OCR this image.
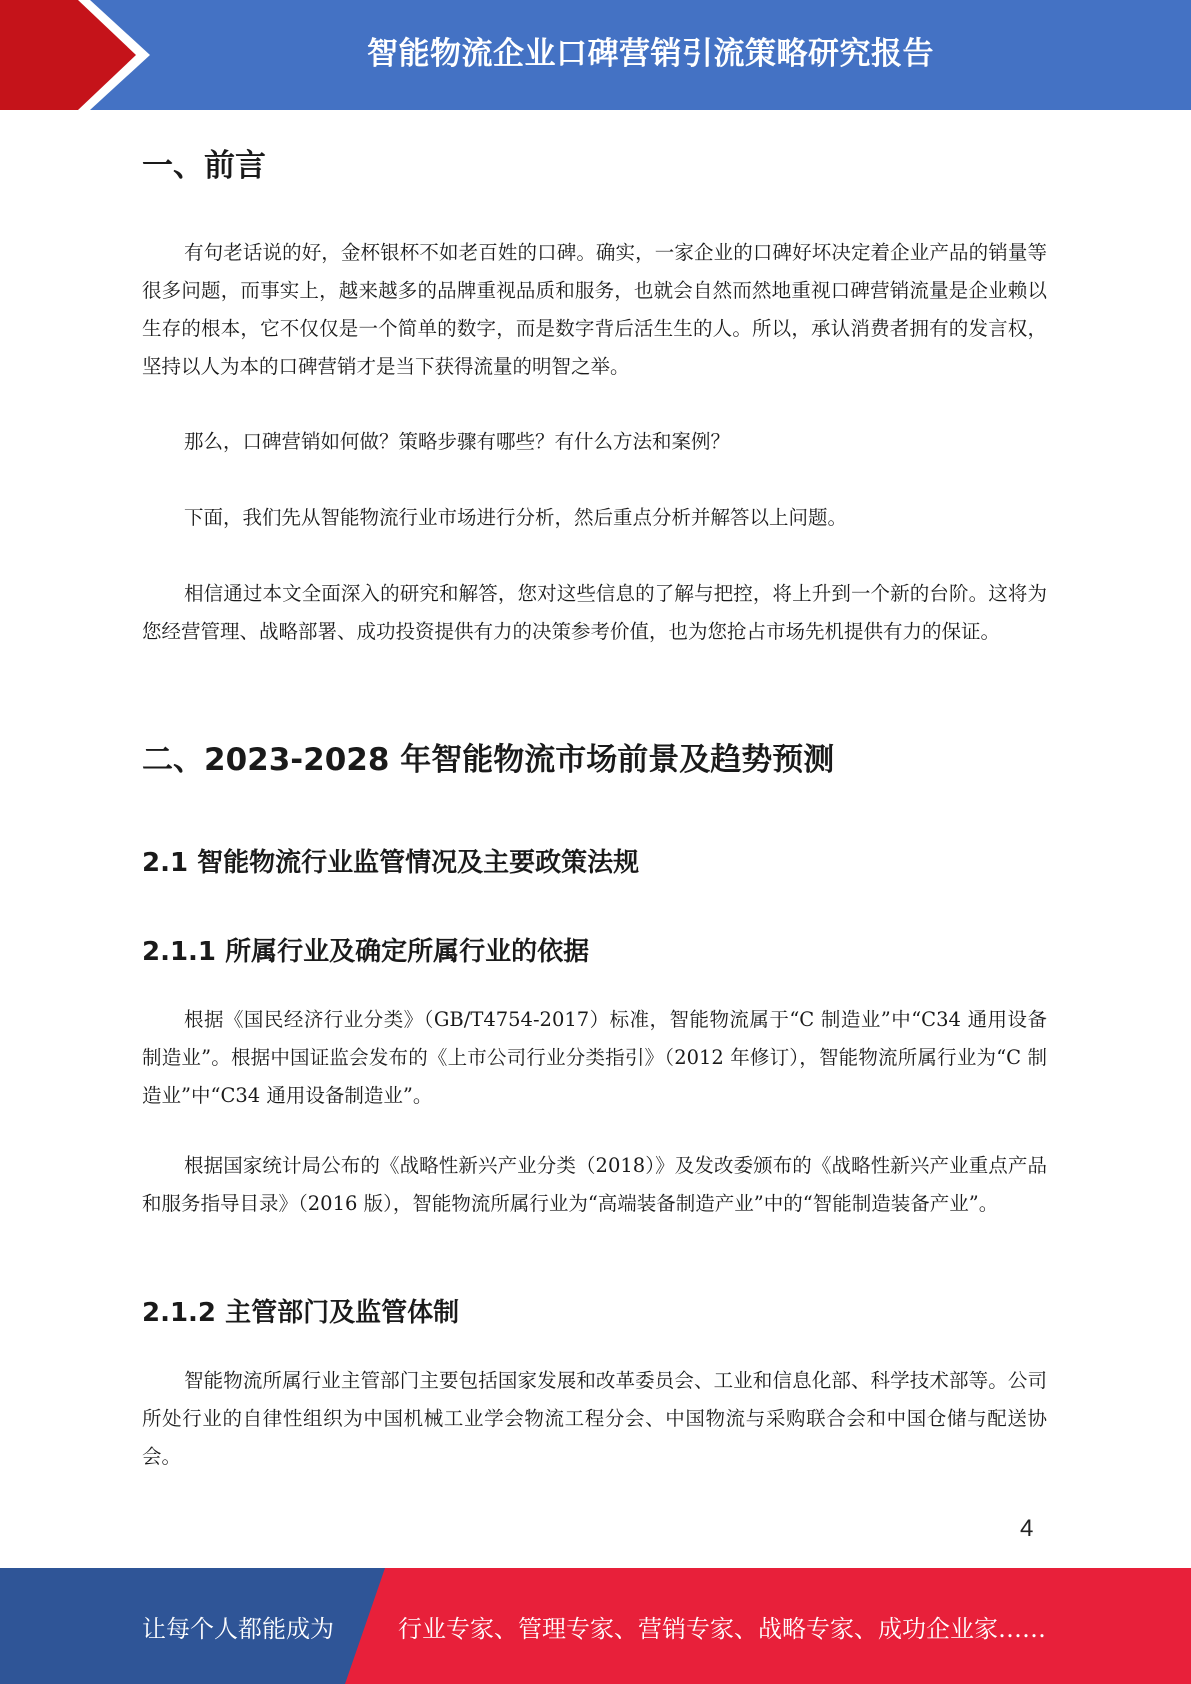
智能物流企业口碑营销引流策略研究报告
一、前言

有句老话说的好，金杯银杯不如老百姓的口碑。确实，一家企业的口碑好坏决定着企业产品的销量等很多问题，而事实上，越来越多的品牌重视品质和服务，也就会自然而然地重视口碑营销流量是企业赖以生存的根本，它不仅仅是一个简单的数字，而是数字背后活生生的人。所以，承认消费者拥有的发言权，坚持以人为本的口碑营销才是当下获得流量的明智之举。

那么，口碑营销如何做？策略步骤有哪些？有什么方法和案例？

下面，我们先从智能物流行业市场进行分析，然后重点分析并解答以上问题。

相信通过本文全面深入的研究和解答，您对这些信息的了解与把控，将上升到一个新的台阶。这将为您经营管理、战略部署、成功投资提供有力的决策参考价值，也为您抢占市场先机提供有力的保证。

二、2023-2028 年智能物流市场前景及趋势预测
2.1 智能物流行业监管情况及主要政策法规
2.1.1 所属行业及确定所属行业的依据

根据《国民经济行业分类》（GB/T4754-2017）标准，智能物流属于“C 制造业”中“C34 通用设备制造业”。根据中国证监会发布的《上市公司行业分类指引》（2012 年修订），智能物流所属行业为“C 制造业”中“C34 通用设备制造业”。

根据国家统计局公布的《战略性新兴产业分类（2018）》及发改委颁布的《战略性新兴产业重点产品和服务指导目录》（2016 版），智能物流所属行业为“高端装备制造产业”中的“智能制造装备产业”。

2.1.2 主管部门及监管体制

智能物流所属行业主管部门主要包括国家发展和改革委员会、工业和信息化部、科学技术部等。公司所处行业的自律性组织为中国机械工业学会物流工程分会、中国物流与采购联合会和中国仓储与配送协会。

4
让每个人都能成为	行业专家、管理专家、营销专家、战略专家、成功企业家……
